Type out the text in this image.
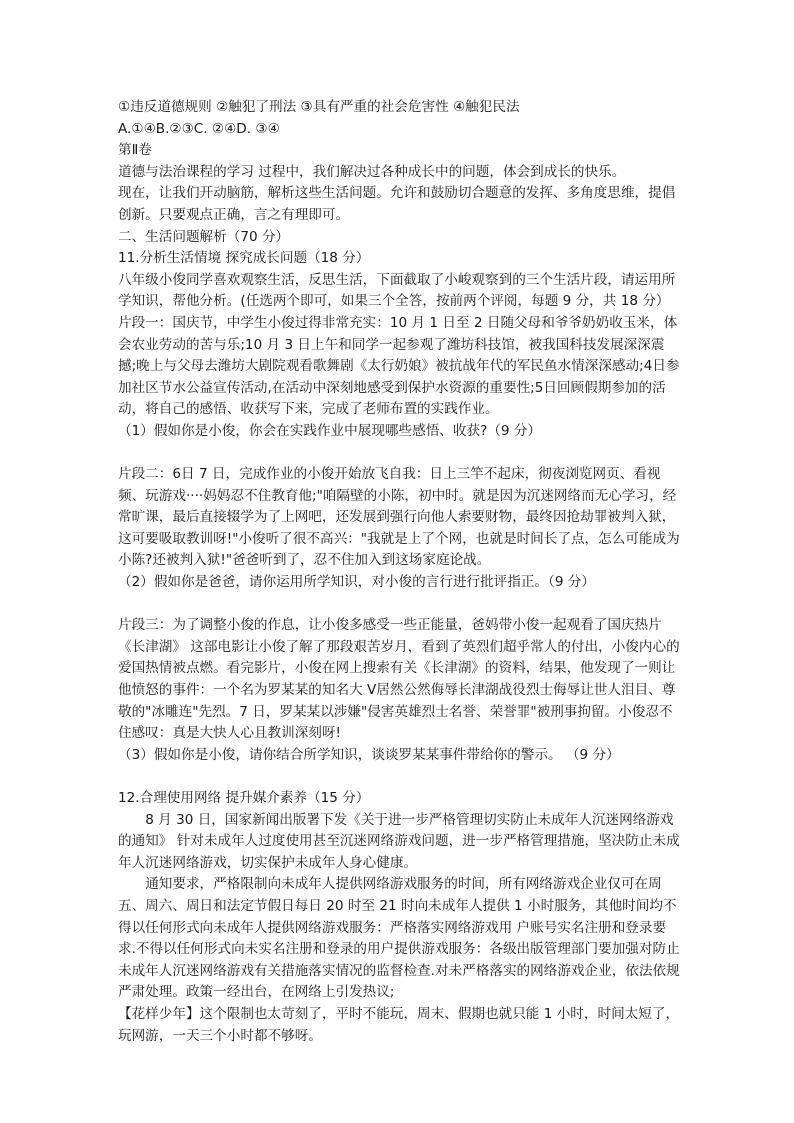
①违反道德规则 ②触犯了刑法 ③具有严重的社会危害性 ④触犯民法

A.①④B.②③C. ②④D. ③④

第Ⅱ卷

道德与法治课程的学习 过程中，我们解决过各种成长中的问题，体会到成长的快乐。

现在，让我们开动脑筋，解析这些生活问题。允许和鼓励切合题意的发挥、多角度思维，提倡创新。只要观点正确，言之有理即可。

二、生活问题解析（70 分）

11.分析生活情境 探究成长问题（18 分）

八年级小俊同学喜欢观察生活，反思生活，下面截取了小峻观察到的三个生活片段，请运用所学知识，帮他分析。(任选两个即可，如果三个全答，按前两个评阅，每题 9 分，共 18 分）

片段一：国庆节，中学生小俊过得非常充实：10 月 1 日至 2 日随父母和爷爷奶奶收玉米，体会农业劳动的苦与乐;10 月 3 日上午和同学一起参观了潍坊科技馆，被我国科技发展深深震撼;晚上与父母去潍坊大剧院观看歌舞剧《太行奶娘》被抗战年代的军民鱼水情深深感动;4日参加社区节水公益宣传活动,在活动中深刻地感受到保护水资源的重要性;5日回顾假期参加的活动，将自己的感悟、收获写下来，完成了老师布置的实践作业。

（1）假如你是小俊，你会在实践作业中展现哪些感悟、收获?（9 分）

片段二：6日 7 日，完成作业的小俊开始放飞自我：日上三竿不起床，彻夜浏览网页、看视频、玩游戏····妈妈忍不住教育他;"咱隔壁的小陈，初中时。就是因为沉迷网络而无心学习，经常旷课，最后直接辍学为了上网吧，还发展到强行向他人索要财物，最终因抢劫罪被判入狱，这可要吸取教训呀!"小俊听了很不高兴："我就是上了个网，也就是时间长了点，怎么可能成为小陈?还被判入狱!"爸爸听到了，忍不住加入到这场家庭论战。

（2）假如你是爸爸，请你运用所学知识，对小俊的言行进行批评指正。（9 分）

片段三：为了调整小俊的作息，让小俊多感受一些正能量，爸妈带小俊一起观看了国庆热片《长津湖》 这部电影让小俊了解了那段艰苦岁月，看到了英烈们超乎常人的付出，小俊内心的爱国热情被点燃。看完影片，小俊在网上搜索有关《长津湖》的资料，结果，他发现了一则让他愤怒的事件：一个名为罗某某的知名大 V居然公然侮辱长津湖战役烈士侮辱让世人泪目、尊敬的"冰雕连"先烈。7 日，罗某某以涉嫌"侵害英雄烈士名誉、荣誉罪"被刑事拘留。小俊忍不住感叹：真是大快人心且教训深刻呀!

（3）假如你是小俊，请你结合所学知识，谈谈罗某某事件带给你的警示。 （9 分）

12.合理使用网络 提升媒介素养（15 分）

8 月 30 日，国家新闻出版署下发《关于进一步严格管理切实防止未成年人沉迷网络游戏的通知》 针对未成年人过度使用甚至沉迷网络游戏问题，进一步严格管理措施，坚决防止未成年人沉迷网络游戏，切实保护未成年人身心健康。

通知要求，严格限制向未成年人提供网络游戏服务的时间，所有网络游戏企业仅可在周五、周六、周日和法定节假日每日 20 时至 21 时向未成年人提供 1 小时服务，其他时间均不得以任何形式向未成年人提供网络游戏服务：严格落实网络游戏用 户账号实名注册和登录要求.不得以任何形式向未实名注册和登录的用户提供游戏服务：各级出版管理部门要加强对防止未成年人沉迷网络游戏有关措施落实情况的监督检查.对未严格落实的网络游戏企业，依法依规严肃处理。政策一经出台，在网络上引发热议;

【花样少年】这个限制也太苛刻了，平时不能玩，周末、假期也就只能 1 小时，时间太短了，玩网游，一天三个小时都不够呀。
